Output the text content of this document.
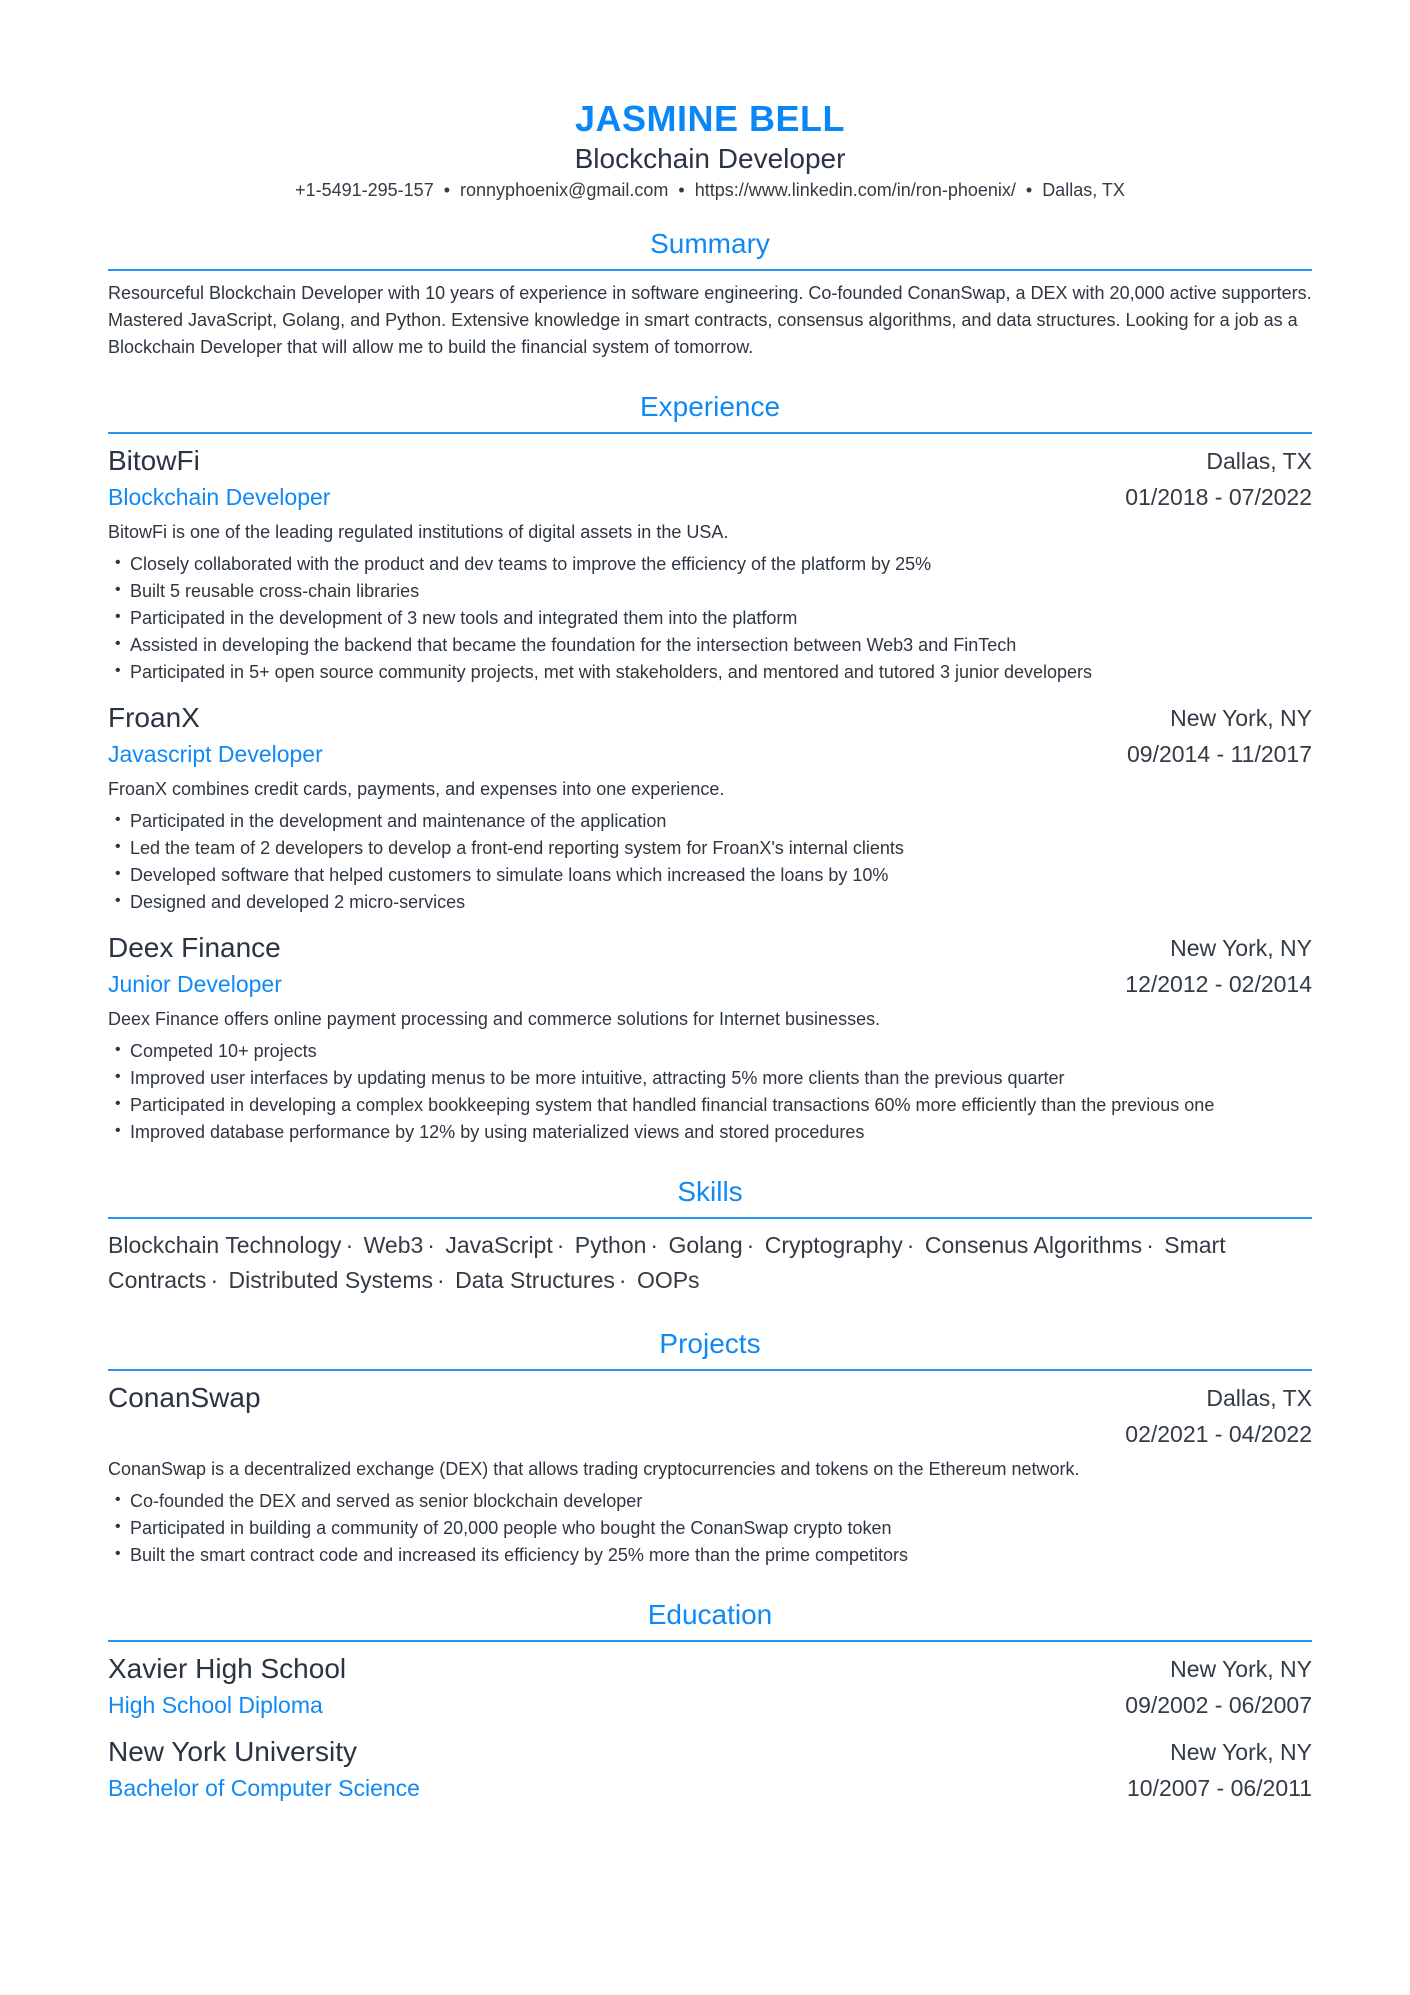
JASMINE BELL
Blockchain Developer
+1-5491-295-157 • ronnyphoenix@gmail.com • https://www.linkedin.com/in/ron-phoenix/ • Dallas, TX
Summary
Resourceful Blockchain Developer with 10 years of experience in software engineering. Co-founded ConanSwap, a DEX with 20,000 active supporters. Mastered JavaScript, Golang, and Python. Extensive knowledge in smart contracts, consensus algorithms, and data structures. Looking for a job as a Blockchain Developer that will allow me to build the financial system of tomorrow.
Experience
BitowFi	Dallas, TX
Blockchain Developer	01/2018 - 07/2022
BitowFi is one of the leading regulated institutions of digital assets in the USA.
• Closely collaborated with the product and dev teams to improve the efficiency of the platform by 25%
• Built 5 reusable cross-chain libraries
• Participated in the development of 3 new tools and integrated them into the platform
• Assisted in developing the backend that became the foundation for the intersection between Web3 and FinTech
• Participated in 5+ open source community projects, met with stakeholders, and mentored and tutored 3 junior developers
FroanX	New York, NY
Javascript Developer	09/2014 - 11/2017
FroanX combines credit cards, payments, and expenses into one experience.
• Participated in the development and maintenance of the application
• Led the team of 2 developers to develop a front-end reporting system for FroanX's internal clients
• Developed software that helped customers to simulate loans which increased the loans by 10%
• Designed and developed 2 micro-services
Deex Finance	New York, NY
Junior Developer	12/2012 - 02/2014
Deex Finance offers online payment processing and commerce solutions for Internet businesses.
• Competed 10+ projects
• Improved user interfaces by updating menus to be more intuitive, attracting 5% more clients than the previous quarter
• Participated in developing a complex bookkeeping system that handled financial transactions 60% more efficiently than the previous one
• Improved database performance by 12% by using materialized views and stored procedures
Skills
Blockchain Technology · Web3 · JavaScript · Python · Golang · Cryptography · Consenus Algorithms · Smart Contracts · Distributed Systems · Data Structures · OOPs
Projects
ConanSwap	Dallas, TX
02/2021 - 04/2022
ConanSwap is a decentralized exchange (DEX) that allows trading cryptocurrencies and tokens on the Ethereum network.
• Co-founded the DEX and served as senior blockchain developer
• Participated in building a community of 20,000 people who bought the ConanSwap crypto token
• Built the smart contract code and increased its efficiency by 25% more than the prime competitors
Education
Xavier High School	New York, NY
High School Diploma	09/2002 - 06/2007
New York University	New York, NY
Bachelor of Computer Science	10/2007 - 06/2011
